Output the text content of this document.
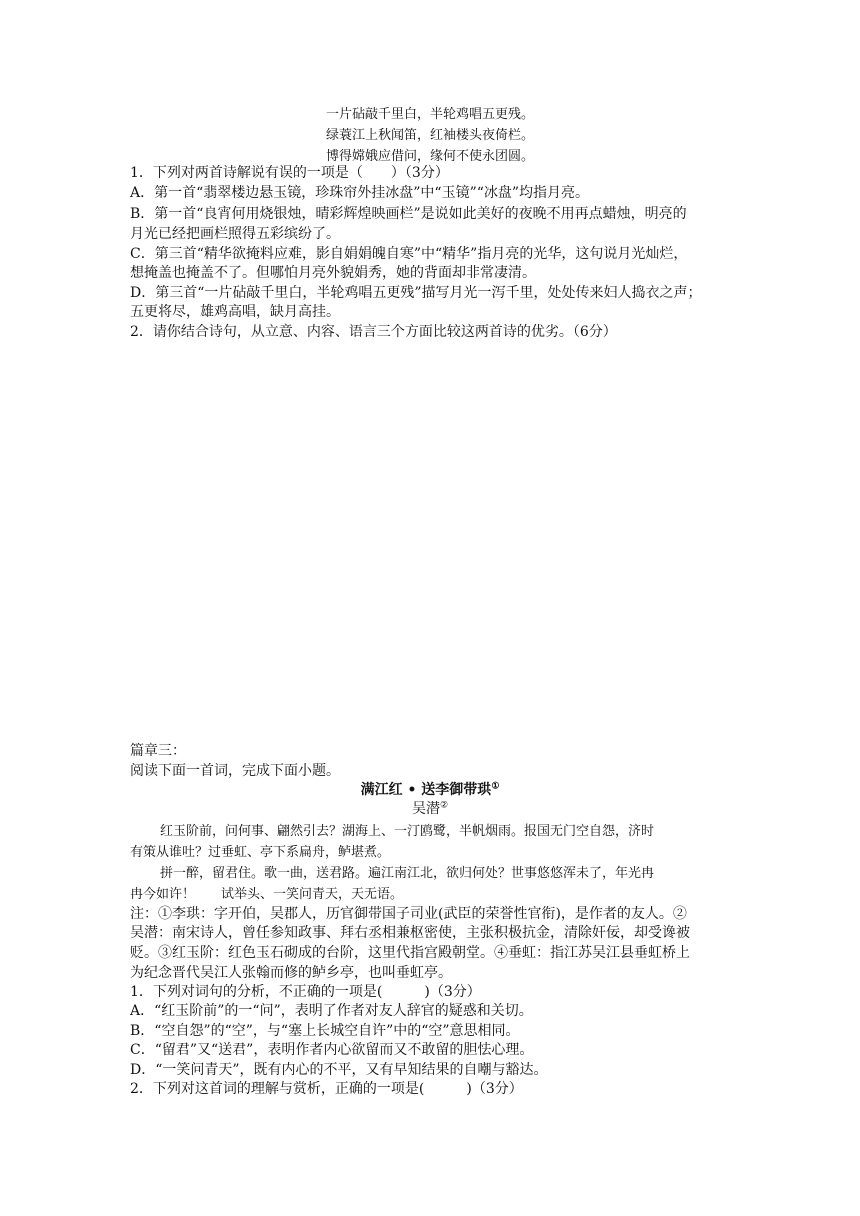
一片砧敲千里白，半轮鸡唱五更残。
绿蓑江上秋闻笛，红袖楼头夜倚栏。
博得嫦娥应借问，缘何不使永团圆。
1．下列对两首诗解说有误的一项是（　　）（3分）
A．第一首“翡翠楼边悬玉镜，珍珠帘外挂冰盘”中“玉镜”“冰盘”均指月亮。
B．第一首“良宵何用烧银烛，晴彩辉煌映画栏”是说如此美好的夜晚不用再点蜡烛，明亮的
月光已经把画栏照得五彩缤纷了。
C．第三首“精华欲掩料应难，影自娟娟魄自寒”中“精华”指月亮的光华，这句说月光灿烂，
想掩盖也掩盖不了。但哪怕月亮外貌娟秀，她的背面却非常凄清。
D．第三首“一片砧敲千里白，半轮鸡唱五更残”描写月光一泻千里，处处传来妇人捣衣之声；
五更将尽，雄鸡高唱，缺月高挂。
2．请你结合诗句，从立意、内容、语言三个方面比较这两首诗的优劣。（6分）
篇章三：
阅读下面一首词，完成下面小题。
满江红 • 送李御带珙①
吴潜②
红玉阶前，问何事、翩然引去？湖海上、一汀鸥鹭，半帆烟雨。报国无门空自怨，济时
有策从谁吐？过垂虹、亭下系扁舟，鲈堪煮。
拼一醉，留君住。歌一曲，送君路。遍江南江北，欲归何处？世事悠悠浑未了，年光冉
冉今如许！　　试举头、一笑问青天，天无语。
注：①李珙：字开伯，吴郡人，历官御带国子司业(武臣的荣誉性官衔)，是作者的友人。②
吴潜：南宋诗人，曾任参知政事、拜右丞相兼枢密使，主张积极抗金，清除奸佞，却受谗被
贬。③红玉阶：红色玉石砌成的台阶，这里代指宫殿朝堂。④垂虹：指江苏吴江县垂虹桥上
为纪念晋代吴江人张翰而修的鲈乡亭，也叫垂虹亭。
1．下列对词句的分析，不正确的一项是(　　　)（3分）
A．“红玉阶前”的一“问”，表明了作者对友人辞官的疑惑和关切。
B．“空自怨”的“空”，与“塞上长城空自许”中的“空”意思相同。
C．“留君”又“送君”，表明作者内心欲留而又不敢留的胆怯心理。
D．“一笑问青天”，既有内心的不平，又有早知结果的自嘲与豁达。
2．下列对这首词的理解与赏析，正确的一项是(　　　)（3分）
